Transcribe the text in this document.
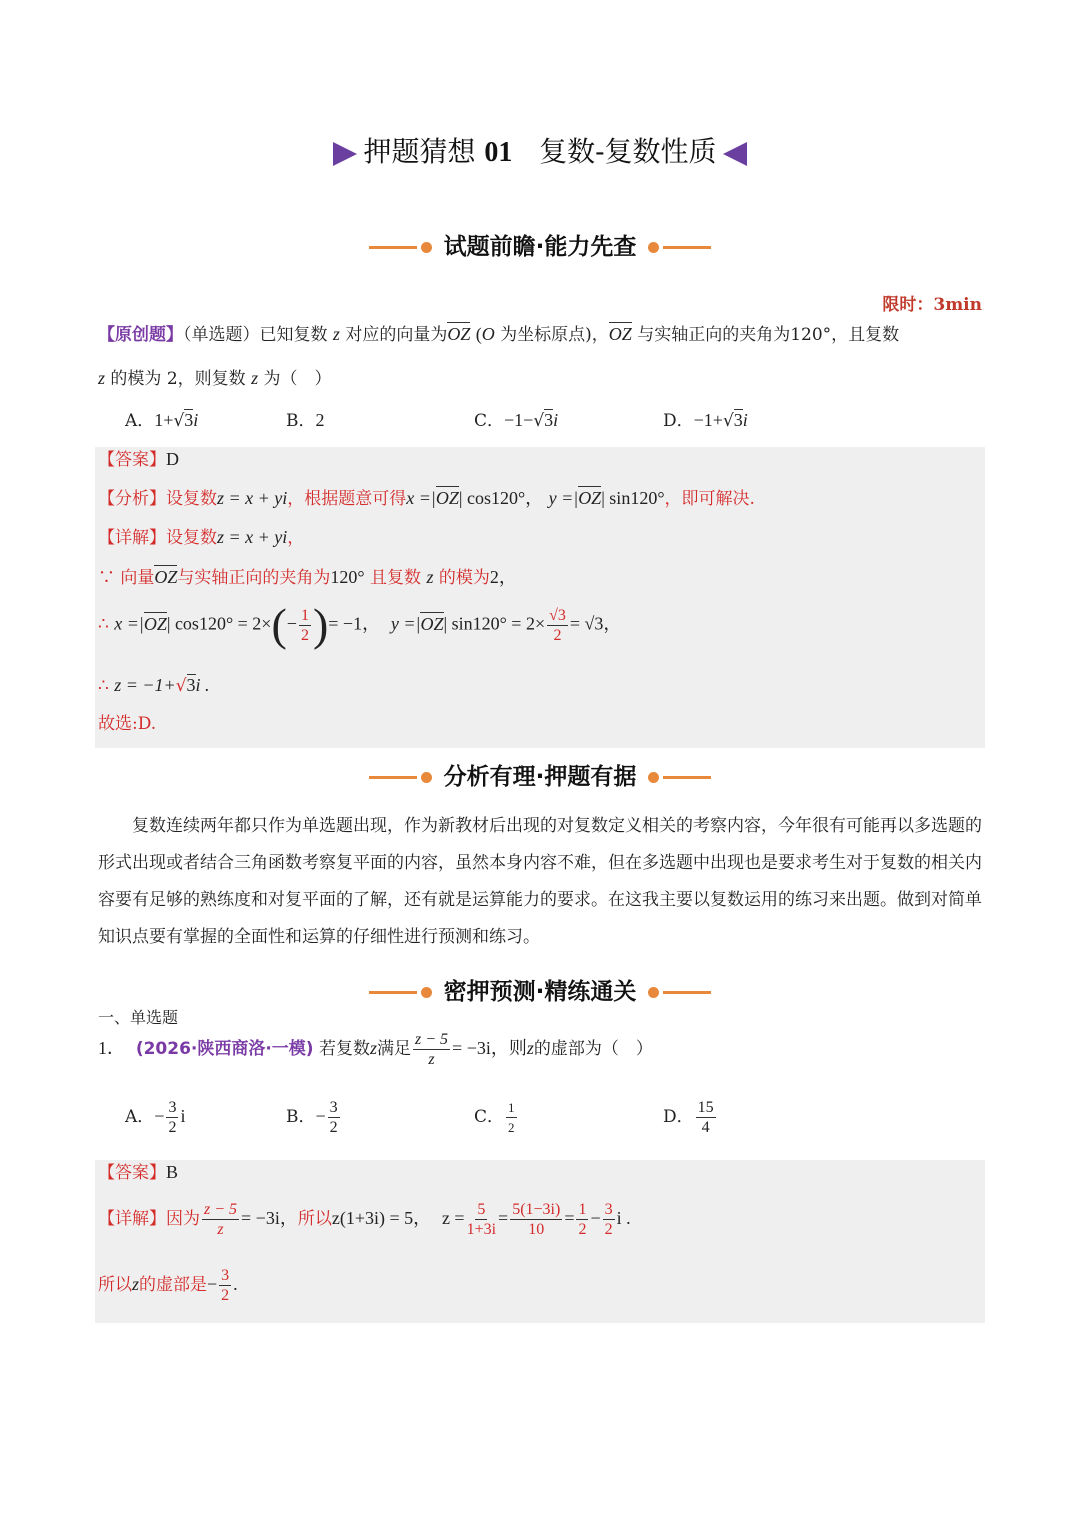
押题猜想 01 复数-复数性质
试题前瞻·能力先查
限时：3min
【原创题】（单选题）已知复数 z 对应的向量为OZ (O 为坐标原点)，OZ 与实轴正向的夹角为120°，且复数
z 的模为 2，则复数 z 为（　）
A．1+√3i	B．2	C．−1−√3i	D．−1+√3i
【答案】D
【分析】设复数z = x + yi，根据题意可得x =|OZ| cos120°， y =|OZ| sin120°，即可解决.
【详解】设复数z = x + yi，
∵ 向量OZ与实轴正向的夹角为120° 且复数 z 的模为2，
∴ x =|OZ| $\cos 120^\circ = 2\times(- \frac{1}{2}$ )= −1， y =|OZ| $\sin 120^\circ = 2\times \frac{√3}{2} = √3$，
∴ z = −1+√3i .
故选:D.
分析有理·押题有据
复数连续两年都只作为单选题出现，作为新教材后出现的对复数定义相关的考察内容，今年很有可能再以多选题的形式出现或者结合三角函数考察复平面的内容，虽然本身内容不难，但在多选题中出现也是要求考生对于复数的相关内容要有足够的熟练度和对复平面的了解，还有就是运算能力的要求。在这我主要以复数运用的练习来出题。做到对简单知识点要有掌握的全面性和运算的仔细性进行预测和练习。
密押预测·精练通关
一、单选题
1． (2026·陕西商洛·一模) 若复数z满足 $\frac{z - 5}{z} = -3i$，则z的虚部为（　）
A．− $\frac{3}{2}$ i	B．− $\frac{3}{2}$	C． $\frac{1}{2}$	D． $\frac{15}{4}$
【答案】B
【详解】因为 $\frac{z - 5}{z} = -3i$，所以z(1+3i) = 5， $z = \frac{5}{1+3i} = \frac{5(1-3i)}{10} = \frac{1}{2} - \frac{3}{2}$ i .
所以z的虚部是− $\frac{3}{2}$ .
